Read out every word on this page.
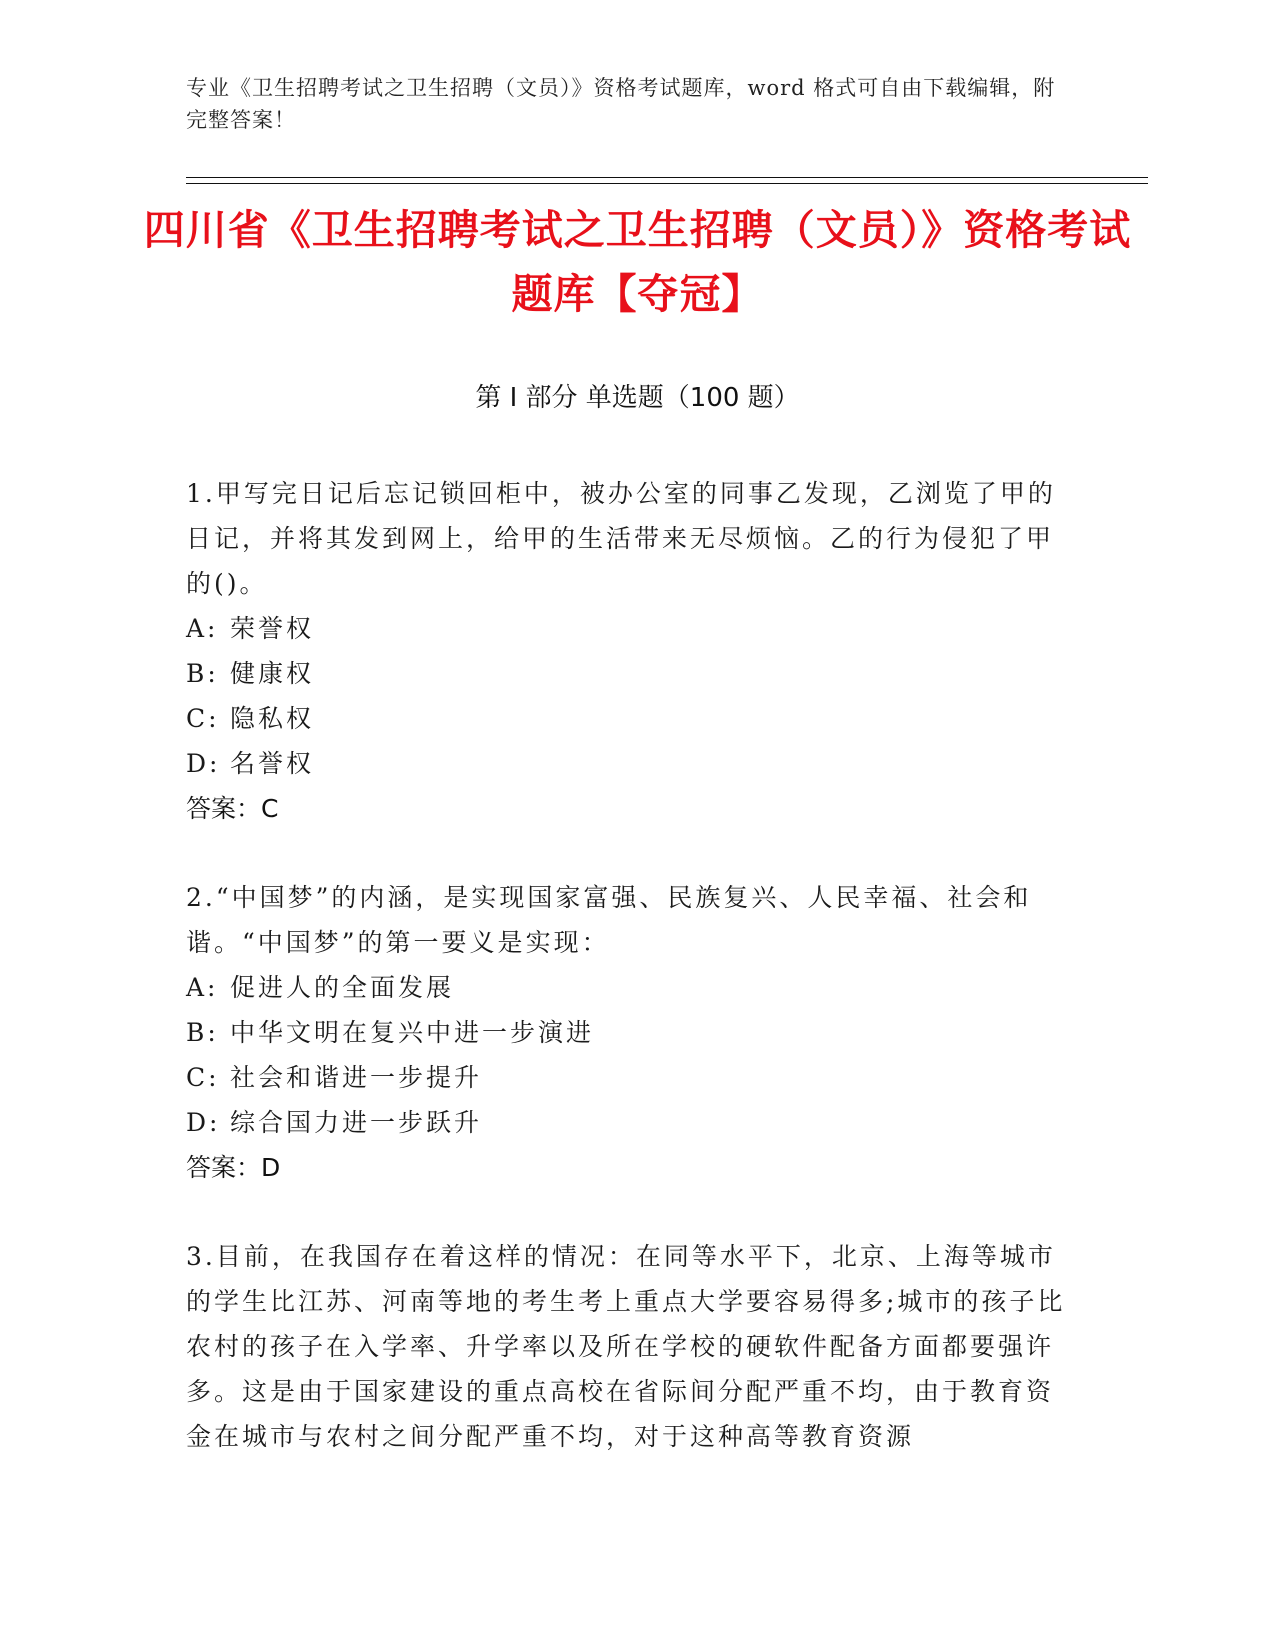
专业《卫生招聘考试之卫生招聘（文员）》资格考试题库，word 格式可自由下载编辑，附完整答案！
四川省《卫生招聘考试之卫生招聘（文员）》资格考试题库【夺冠】
第 I 部分 单选题（100 题）

1.甲写完日记后忘记锁回柜中，被办公室的同事乙发现，乙浏览了甲的日记，并将其发到网上，给甲的生活带来无尽烦恼。乙的行为侵犯了甲的()。

A: 荣誉权

B: 健康权

C: 隐私权

D: 名誉权

答案：C

2.“中国梦”的内涵，是实现国家富强、民族复兴、人民幸福、社会和谐。“中国梦”的第一要义是实现：

A: 促进人的全面发展

B: 中华文明在复兴中进一步演进

C: 社会和谐进一步提升

D: 综合国力进一步跃升

答案：D

3.目前，在我国存在着这样的情况：在同等水平下，北京、上海等城市的学生比江苏、河南等地的考生考上重点大学要容易得多;城市的孩子比农村的孩子在入学率、升学率以及所在学校的硬软件配备方面都要强许多。这是由于国家建设的重点高校在省际间分配严重不均，由于教育资金在城市与农村之间分配严重不均，对于这种高等教育资源
